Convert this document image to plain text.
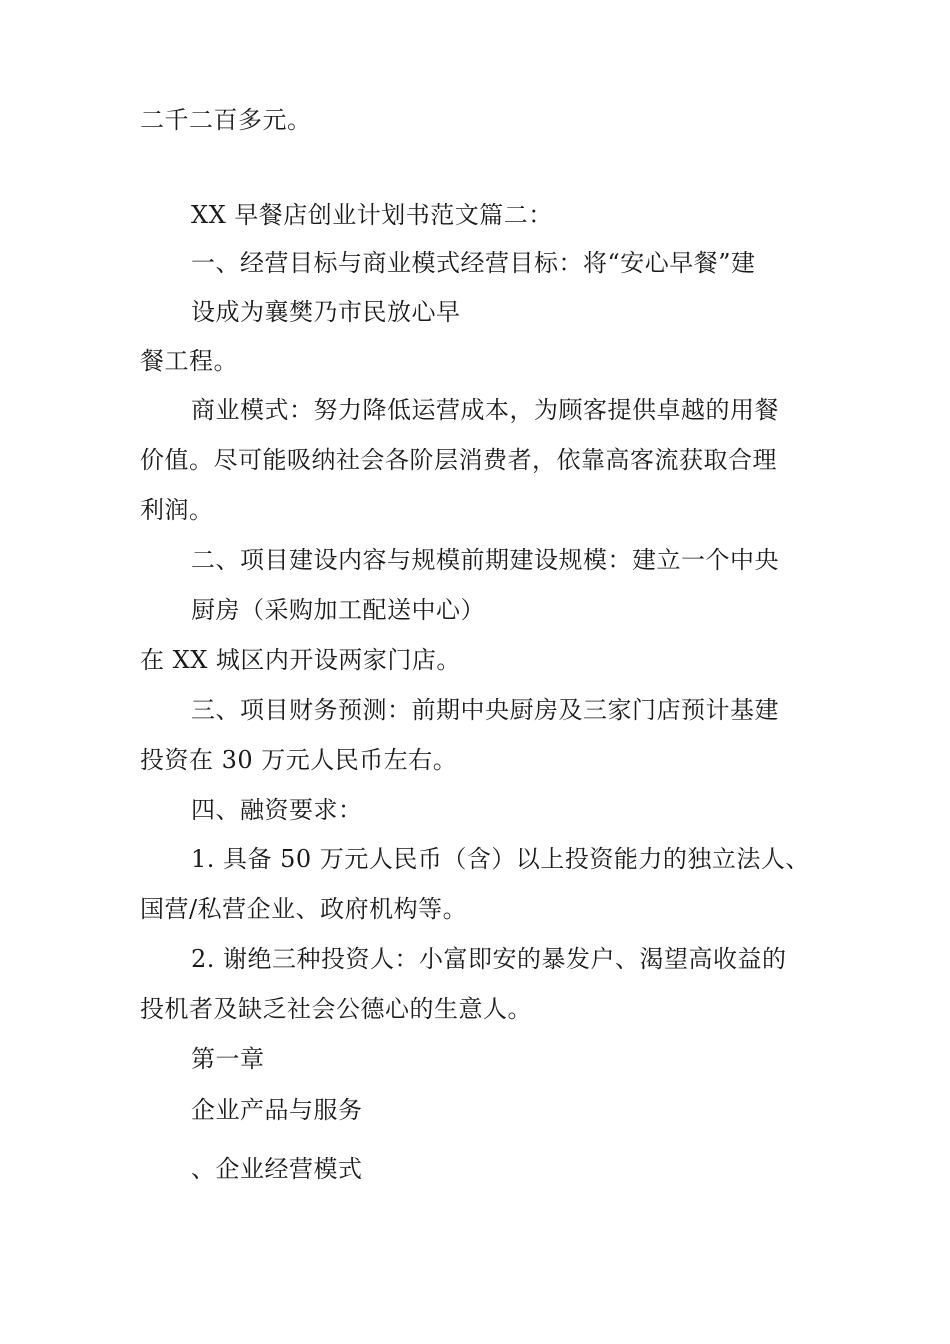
二千二百多元。
XX 早餐店创业计划书范文篇二：
一、经营目标与商业模式经营目标：将“安心早餐”建
设成为襄樊乃市民放心早
餐工程。
商业模式：努力降低运营成本，为顾客提供卓越的用餐
价值。尽可能吸纳社会各阶层消费者，依靠高客流获取合理
利润。
二、项目建设内容与规模前期建设规模：建立一个中央
厨房（采购加工配送中心）
在 XX 城区内开设两家门店。
三、项目财务预测：前期中央厨房及三家门店预计基建
投资在 30 万元人民币左右。
四、融资要求：
1. 具备 50 万元人民币（含）以上投资能力的独立法人、
国营/私营企业、政府机构等。
2. 谢绝三种投资人：小富即安的暴发户、渴望高收益的
投机者及缺乏社会公德心的生意人。
第一章
企业产品与服务
、企业经营模式
